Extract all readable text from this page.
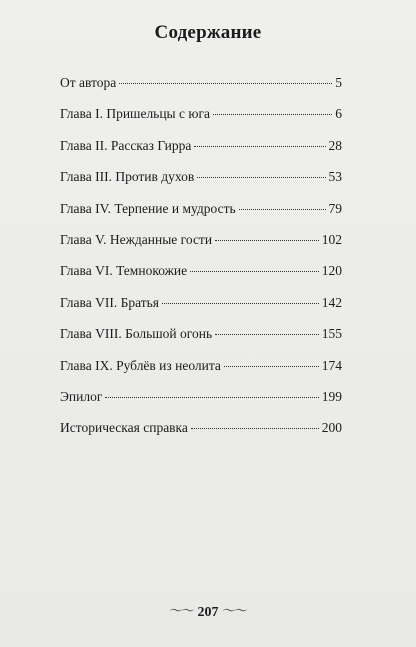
Содержание
От автора	5
Глава I. Пришельцы с юга	6
Глава II. Рассказ Гирра	28
Глава III. Против духов	53
Глава IV. Терпение и мудрость	79
Глава V. Нежданные гости	102
Глава VI. Темнокожие	120
Глава VII. Братья	142
Глава VIII. Большой огонь	155
Глава IX. Рублёв из неолита	174
Эпилог	199
Историческая справка	200
〜〜 207 〜〜
